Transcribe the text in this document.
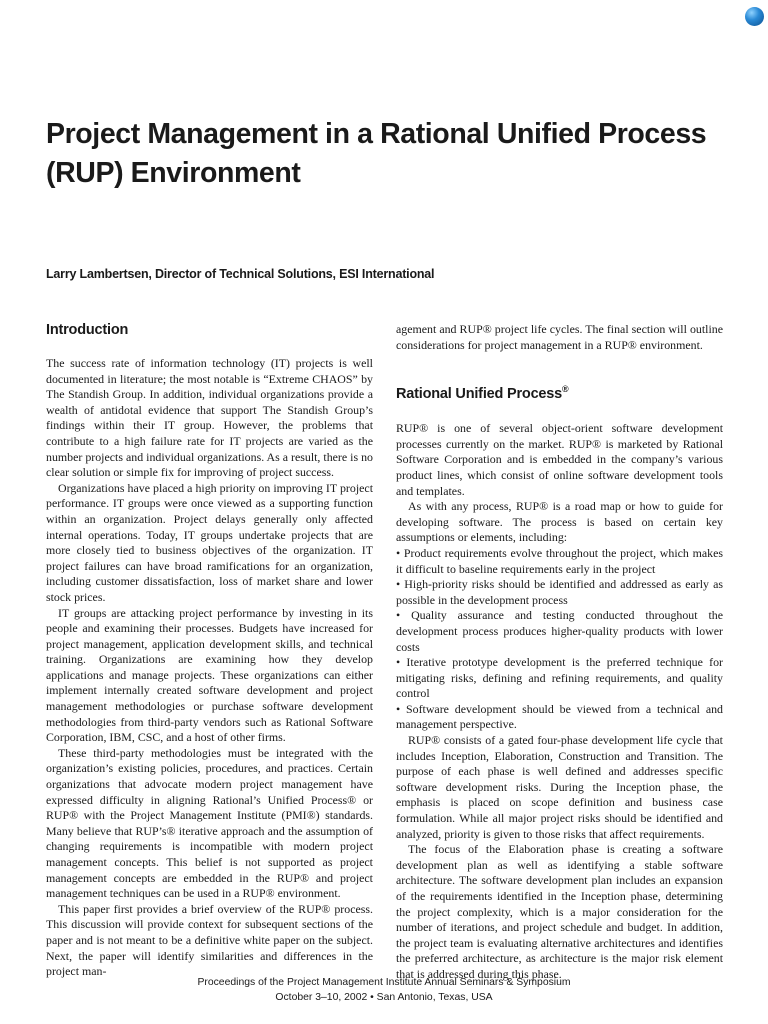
Project Management in a Rational Unified Process (RUP) Environment

Larry Lambertsen, Director of Technical Solutions, ESI International

Introduction

The success rate of information technology (IT) projects is well documented in literature; the most notable is “Extreme CHAOS” by The Standish Group. In addition, individual organizations provide a wealth of antidotal evidence that support The Standish Group’s findings within their IT group. However, the problems that contribute to a high failure rate for IT projects are varied as the number projects and individual organizations. As a result, there is no clear solution or simple fix for improving of project success.

Organizations have placed a high priority on improving IT project performance. IT groups were once viewed as a supporting function within an organization. Project delays generally only affected internal operations. Today, IT groups undertake projects that are more closely tied to business objectives of the organization. IT project failures can have broad ramifications for an organization, including customer dissatisfaction, loss of market share and lower stock prices.

IT groups are attacking project performance by investing in its people and examining their processes. Budgets have increased for project management, application development skills, and technical training. Organizations are examining how they develop applications and manage projects. These organizations can either implement internally created software development and project management methodologies or purchase software development methodologies from third-party vendors such as Rational Software Corporation, IBM, CSC, and a host of other firms.

These third-party methodologies must be integrated with the organization’s existing policies, procedures, and practices. Certain organizations that advocate modern project management have expressed difficulty in aligning Rational’s Unified Process® or RUP® with the Project Management Institute (PMI®) standards. Many believe that RUP’s® iterative approach and the assumption of changing requirements is incompatible with modern project management concepts. This belief is not supported as project management concepts are embedded in the RUP® and project management techniques can be used in a RUP® environment.

This paper first provides a brief overview of the RUP® process. This discussion will provide context for subsequent sections of the paper and is not meant to be a definitive white paper on the subject. Next, the paper will identify similarities and differences in the project man-

agement and RUP® project life cycles. The final section will outline considerations for project management in a RUP® environment.

Rational Unified Process®

RUP® is one of several object-orient software development processes currently on the market. RUP® is marketed by Rational Software Corporation and is embedded in the company’s various product lines, which consist of online software development tools and templates.

As with any process, RUP® is a road map or how to guide for developing software. The process is based on certain key assumptions or elements, including:

• Product requirements evolve throughout the project, which makes it difficult to baseline requirements early in the project

• High-priority risks should be identified and addressed as early as possible in the development process

• Quality assurance and testing conducted throughout the development process produces higher-quality products with lower costs

• Iterative prototype development is the preferred technique for mitigating risks, defining and refining requirements, and quality control

• Software development should be viewed from a technical and management perspective.

RUP® consists of a gated four-phase development life cycle that includes Inception, Elaboration, Construction and Transition. The purpose of each phase is well defined and addresses specific software development risks. During the Inception phase, the emphasis is placed on scope definition and business case formulation. While all major project risks should be identified and analyzed, priority is given to those risks that affect requirements.

The focus of the Elaboration phase is creating a software development plan as well as identifying a stable software architecture. The software development plan includes an expansion of the requirements identified in the Inception phase, determining the project complexity, which is a major consideration for the number of iterations, and project schedule and budget. In addition, the project team is evaluating alternative architectures and identifies the preferred architecture, as architecture is the major risk element that is addressed during this phase.

Proceedings of the Project Management Institute Annual Seminars & Symposium

October 3–10, 2002 • San Antonio, Texas, USA
